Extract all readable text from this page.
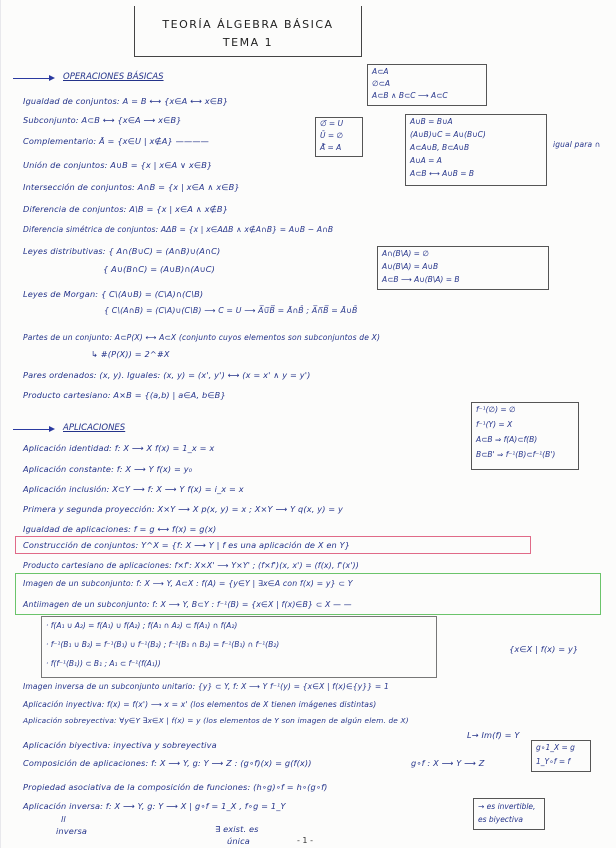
TEORÍA ÁLGEBRA BÁSICA
TEMA 1
OPERACIONES BÁSICAS
A⊂A
∅⊂A
A⊂B ∧ B⊂C ⟶ A⊂C
Igualdad de conjuntos: A = B ⟷ {x∈A ⟷ x∈B}
Subconjunto: A⊂B ⟷ {x∈A ⟶ x∈B}
Complementario: Ā = {x∈U | x∉A} ————
∅̄ = U
Ū = ∅
Ā̄ = A
A∪B = B∪A
(A∪B)∪C = A∪(B∪C)
A⊂A∪B, B⊂A∪B
A∪A = A
A⊂B ⟷ A∪B = B
igual para ∩
Unión de conjuntos: A∪B = {x | x∈A ∨ x∈B}
Intersección de conjuntos: A∩B = {x | x∈A ∧ x∈B}
Diferencia de conjuntos: A\B = {x | x∈A ∧ x∉B}
Diferencia simétrica de conjuntos: AΔB = {x | x∈AΔB ∧ x∉A∩B} = A∪B − A∩B
Leyes distributivas: { A∩(B∪C) = (A∩B)∪(A∩C)
{ A∪(B∩C) = (A∪B)∩(A∪C)
A∩(B\A) = ∅
A∪(B\A) = A∪B
A⊂B ⟶ A∪(B\A) = B
Leyes de Morgan: { C\(A∪B) = (C\A)∩(C\B)
{ C\(A∩B) = (C\A)∪(C\B) ⟶ C = U ⟶ A̅∪̅B̅ = Ā∩B̄ ; A̅∩̅B̅ = Ā∪B̄
Partes de un conjunto: A⊂P(X) ⟷ A⊂X (conjunto cuyos elementos son subconjuntos de X)
↳ #(P(X)) = 2^#X
Pares ordenados: (x, y). Iguales: (x, y) = (x', y') ⟷ (x = x' ∧ y = y')
Producto cartesiano: A×B = {(a,b) | a∈A, b∈B}
APLICACIONES
f⁻¹(∅) = ∅
f⁻¹(Y) = X
A⊂B ⇒ f(A)⊂f(B)
B⊂B' ⇒ f⁻¹(B)⊂f⁻¹(B')
Aplicación identidad: f: X ⟶ X f(x) = 1_x = x
Aplicación constante: f: X ⟶ Y f(x) = y₀
Aplicación inclusión: X⊂Y ⟶ f: X ⟶ Y f(x) = i_x = x
Primera y segunda proyección: X×Y ⟶ X p(x, y) = x ; X×Y ⟶ Y q(x, y) = y
Igualdad de aplicaciones: f = g ⟷ f(x) = g(x)
Construcción de conjuntos: Y^X = {f: X ⟶ Y | f es una aplicación de X en Y}
Producto cartesiano de aplicaciones: f×f': X×X' ⟶ Y×Y' ; (f×f')(x, x') = (f(x), f'(x'))
Imagen de un subconjunto: f: X ⟶ Y, A⊂X : f(A) = {y∈Y | ∃x∈A con f(x) = y} ⊂ Y
Antiimagen de un subconjunto: f: X ⟶ Y, B⊂Y : f⁻¹(B) = {x∈X | f(x)∈B} ⊂ X — —
· f(A₁ ∪ A₂) = f(A₁) ∪ f(A₂) ; f(A₁ ∩ A₂) ⊂ f(A₁) ∩ f(A₂)
· f⁻¹(B₁ ∪ B₂) = f⁻¹(B₁) ∪ f⁻¹(B₂) ; f⁻¹(B₁ ∩ B₂) = f⁻¹(B₁) ∩ f⁻¹(B₂)
· f(f⁻¹(B₁)) ⊂ B₁ ; A₁ ⊂ f⁻¹(f(A₁))
{x∈X | f(x) = y}
Imagen inversa de un subconjunto unitario: {y} ⊂ Y, f: X ⟶ Y f⁻¹(y) = {x∈X | f(x)∈{y}} = 1
Aplicación inyectiva: f(x) = f(x') ⟶ x = x' (los elementos de X tienen imágenes distintas)
Aplicación sobreyectiva: ∀y∈Y ∃x∈X | f(x) = y (los elementos de Y son imagen de algún elem. de X)
L→ Im(f) = Y
Aplicación biyectiva: inyectiva y sobreyectiva
Composición de aplicaciones: f: X ⟶ Y, g: Y ⟶ Z : (g∘f)(x) = g(f(x))	g∘f : X ⟶ Y ⟶ Z
g∘1_X = g
1_Y∘f = f
Propiedad asociativa de la composición de funciones: (h∘g)∘f = h∘(g∘f)
Aplicación inversa: f: X ⟶ Y, g: Y ⟶ X | g∘f = 1_X , f∘g = 1_Y	→ es invertible,
es biyectiva
ll
inversa	∃ exist. es
única	- 1 -
